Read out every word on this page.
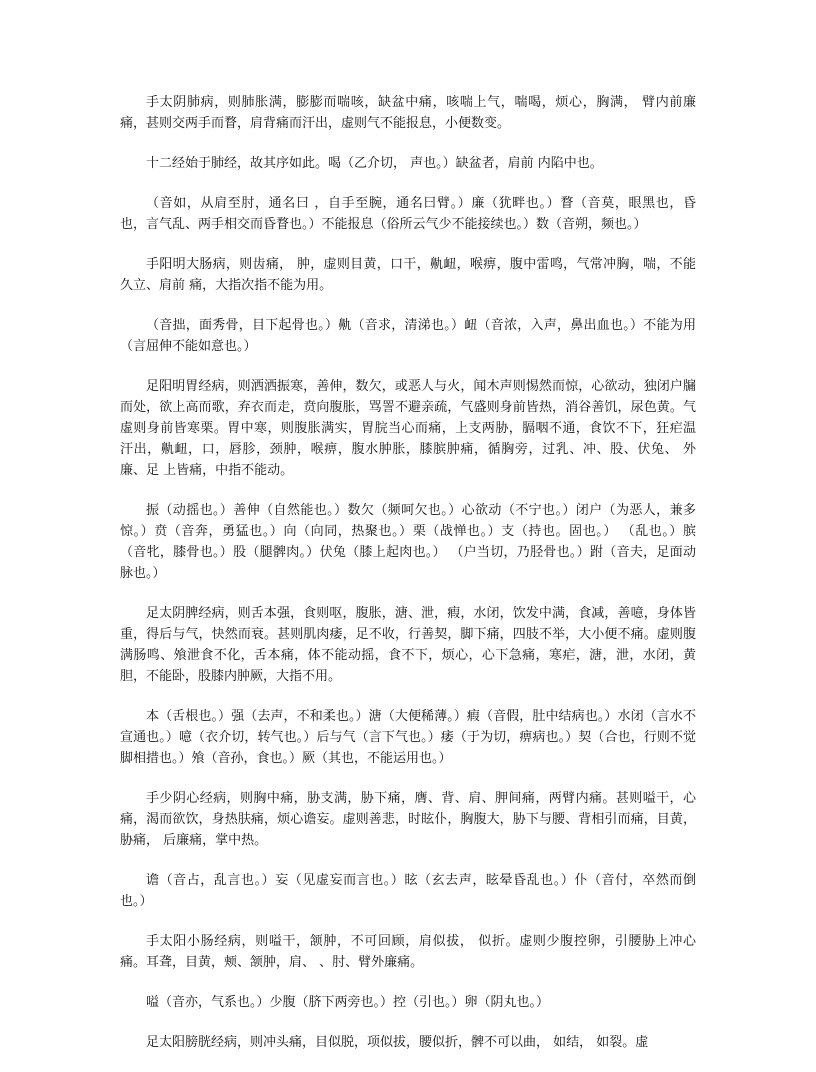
手太阴肺病，则肺胀满，膨膨而喘咳，缺盆中痛，咳喘上气，喘喝，烦心，胸满， 臂内前廉痛，甚则交两手而瞀，肩背痛而汗出，虚则气不能报息，小便数变。

十二经始于肺经，故其序如此。喝（乙介切， 声也。）缺盆者，肩前 内陷中也。

（音如，从肩至肘，通名曰 ，自手至腕，通名曰臂。）廉（犹畔也。）瞀（音莫，眼黑也，昏也，言气乱、两手相交而昏瞀也。）不能报息（俗所云气少不能接续也。）数（音朔，频也。）

手阳明大肠病，则齿痛， 肿，虚则目黄，口干，鼽衄，喉痹，腹中雷鸣，气常冲胸，喘，不能久立、肩前 痛，大指次指不能为用。

（音拙，面秀骨，目下起骨也。）鼽（音求，清涕也。）衄（音浓，入声，鼻出血也。）不能为用（言屈伸不能如意也。）

足阳明胃经病，则洒洒振寒，善伸，数欠，或恶人与火，闻木声则惕然而惊，心欲动，独闭户牖而处，欲上高而歌，弃衣而走，贲向腹胀，骂詈不避亲疏，气盛则身前皆热，消谷善饥，尿色黄。气虚则身前皆寒栗。胃中寒，则腹胀满实，胃脘当心而痛，上支两胁，膈咽不通，食饮不下，狂疟温 汗出，鼽衄，口，唇胗，颈肿，喉痹，腹水肿胀，膝膑肿痛，循胸旁，过乳、冲、股、伏兔、 外廉、足 上皆痛，中指不能动。

振（动摇也。）善伸（自然能也。）数欠（频呵欠也。）心欲动（不宁也。）闭户（为恶人，兼多惊。）贲（音奔，勇猛也。）向（向同，热聚也。）栗（战惮也。）支（持也。固也。） （乱也。）膑（音牝，膝骨也。）股（腿髀肉。）伏兔（膝上起肉也。） （户当切，乃胫骨也。）跗（音夫，足面动脉也。）

足太阴脾经病，则舌本强，食则呕，腹胀，溏、泄，瘕，水闭，饮发中满，食减，善噫，身体皆重，得后与气，快然而衰。甚则肌肉痿，足不收，行善契，脚下痛，四肢不举，大小便不痛。虚则腹满肠鸣、飧泄食不化，舌本痛，体不能动摇，食不下，烦心，心下急痛，寒疟，溏，泄，水闭，黄胆，不能卧，股膝内肿厥，大指不用。

本（舌根也。）强（去声，不和柔也。）溏（大便稀薄。）瘕（音假，肚中结病也。）水闭（言水不宣通也。）噫（衣介切，转气也。）后与气（言下气也。）痿（于为切，痹病也。）契（合也，行则不觉脚相措也。）飧（音孙，食也。）厥（其也，不能运用也。）

手少阴心经病，则胸中痛，胁支满，胁下痛，膺、背、肩、胛间痛，两臂内痛。甚则嗌干，心痛，渴而欲饮，身热肤痛，烦心谵妄。虚则善悲，时眩仆，胸腹大，胁下与腰、背相引而痛，目黄，胁痛， 后廉痛，掌中热。

谵（音占，乱言也。）妄（见虚妄而言也。）眩（玄去声，眩晕昏乱也。）仆（音付，卒然而倒也。）

手太阳小肠经病，则嗌干，颔肿，不可回顾，肩似拔， 似折。虚则少腹控卵，引腰胁上冲心痛。耳聋，目黄，颊、颔肿，肩、 、肘、臂外廉痛。

嗌（音亦，气系也。）少腹（脐下两旁也。）控（引也。）卵（阴丸也。）

足太阳膀胱经病，则冲头痛，目似脱，项似拔，腰似折，髀不可以曲， 如结， 如裂。虚
